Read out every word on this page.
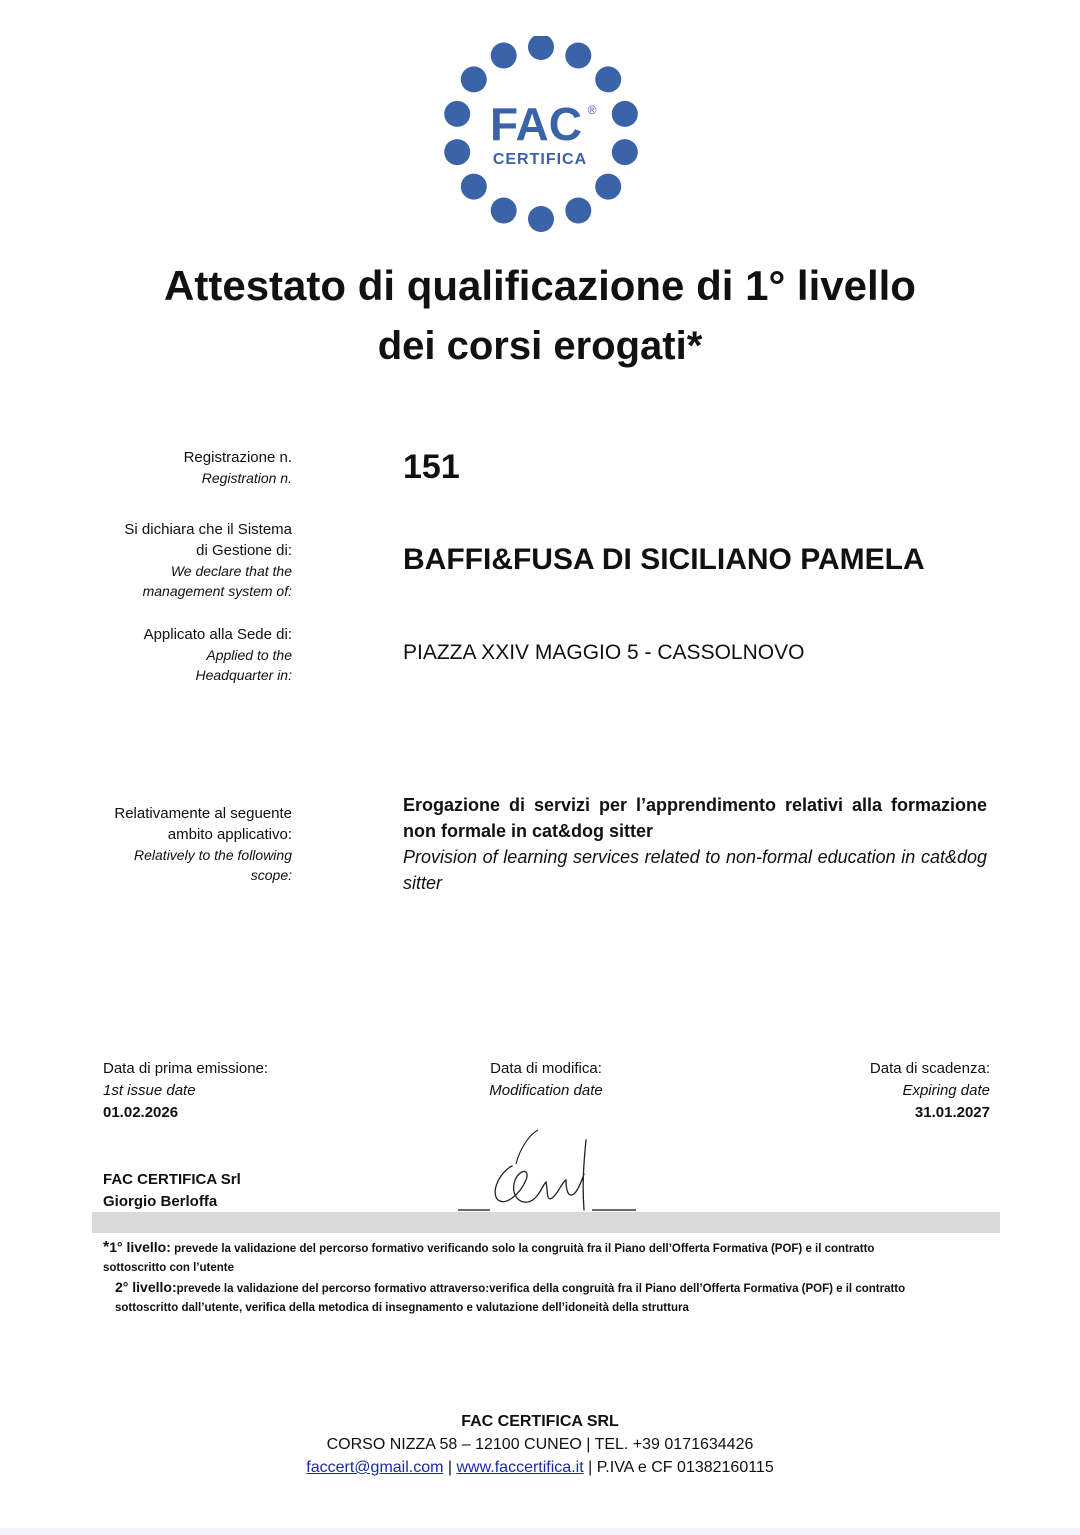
FAC ®
CERTIFICA
Attestato di qualificazione di 1° livello
dei corsi erogati*
Registrazione n.
Registration n.	151
Si dichiara che il Sistema
di Gestione di:
We declare that the
management system of:
BAFFI&FUSA DI SICILIANO PAMELA
Applicato alla Sede di:
Applied to the
Headquarter in:
PIAZZA XXIV MAGGIO 5 - CASSOLNOVO
Relativamente al seguente
ambito applicativo:
Relatively to the following
scope:
Erogazione di servizi per l’apprendimento relativi alla formazione non formale in cat&dog sitter
Provision of learning services related to non-formal education in cat&dog sitter
Data di prima emissione:
1st issue date
01.02.2026
Data di modifica:
Modification date
Data di scadenza:
Expiring date
31.01.2027
FAC CERTIFICA Srl
Giorgio Berloffa
*1° livello: prevede la validazione del percorso formativo verificando solo la congruità fra il Piano dell’Offerta Formativa (POF) e il contratto
sottoscritto con l’utente
2° livello:prevede la validazione del percorso formativo attraverso:verifica della congruità fra il Piano dell’Offerta Formativa (POF) e il contratto
sottoscritto dall’utente, verifica della metodica di insegnamento e valutazione dell’idoneità della struttura
FAC CERTIFICA SRL
CORSO NIZZA 58 – 12100 CUNEO | TEL. +39 0171634426
faccert@gmail.com | www.faccertifica.it | P.IVA e CF 01382160115
